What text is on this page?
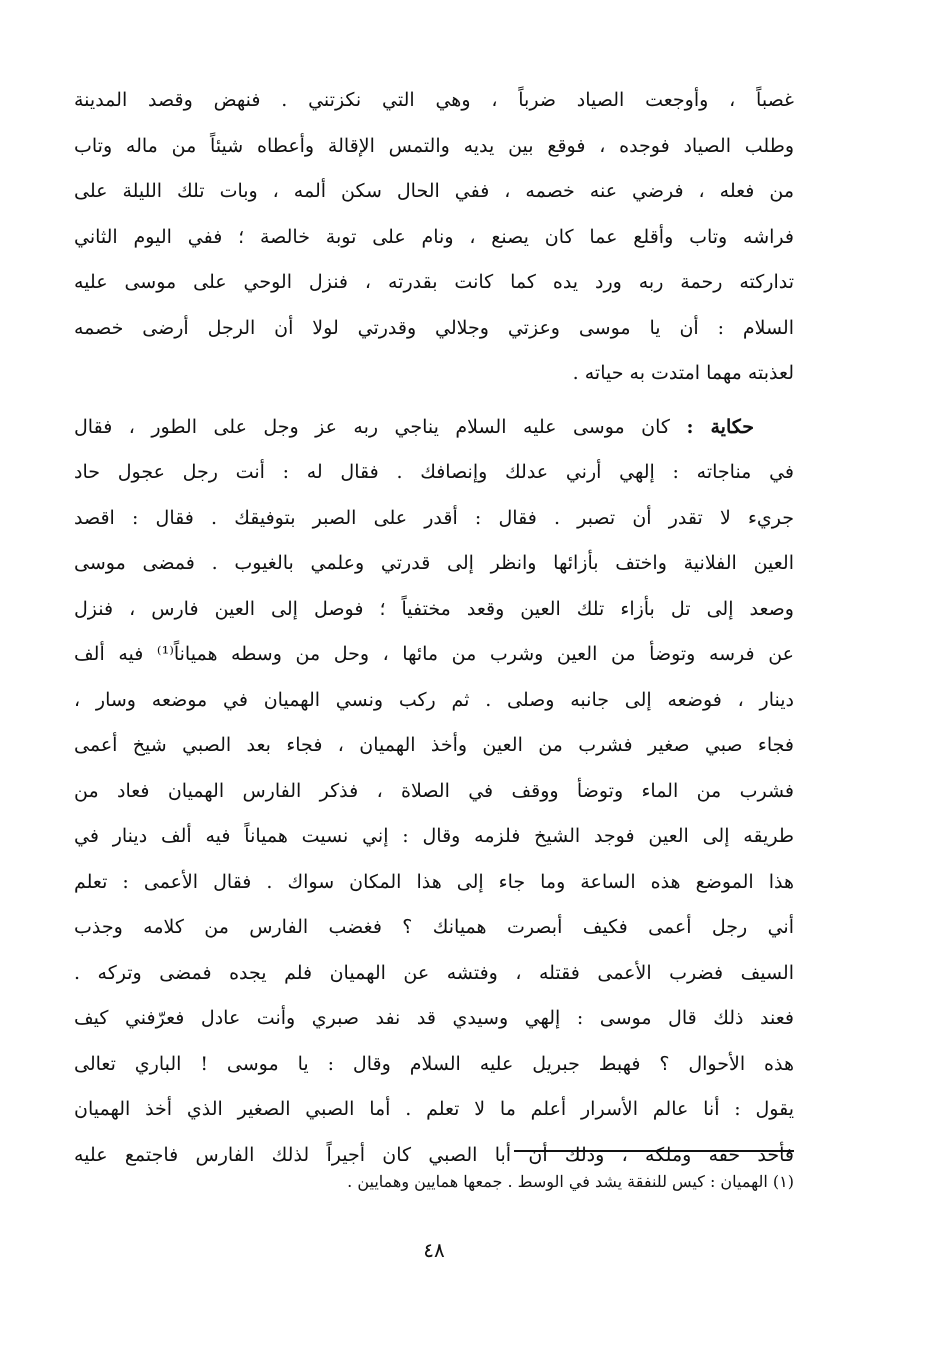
غصباً ، وأوجعت الصياد ضرباً ، وهي التي نكزتني . فنهض وقصد المدينة
وطلب الصياد فوجده ، فوقع بين يديه والتمس الإقالة وأعطاه شيئاً من ماله وتاب
من فعله ، فرضي عنه خصمه ، ففي الحال سكن ألمه ، وبات تلك الليلة على
فراشه وتاب وأقلع عما كان يصنع ، ونام على توبة خالصة ؛ ففي اليوم الثاني
تداركته رحمة ربه ورد يده كما كانت بقدرته ، فنزل الوحي على موسى عليه
السلام : أن يا موسى وعزتي وجلالي وقدرتي لولا أن الرجل أرضى خصمه
لعذبته مهما امتدت به حياته .

حكاية : كان موسى عليه السلام يناجي ربه عز وجل على الطور ، فقال
في مناجاته : إلهي أرني عدلك وإنصافك . فقال له : أنت رجل عجول حاد
جريء لا تقدر أن تصبر . فقال : أقدر على الصبر بتوفيقك . فقال : اقصد
العين الفلانية واختف بأزائها وانظر إلى قدرتي وعلمي بالغيوب . فمضى موسى
وصعد إلى تل بأزاء تلك العين وقعد مختفياً ؛ فوصل إلى العين فارس ، فنزل
عن فرسه وتوضأ من العين وشرب من مائها ، وحل من وسطه همياناً⁽¹⁾ فيه ألف
دينار ، فوضعه إلى جانبه وصلى . ثم ركب ونسي الهميان في موضعه وسار ،
فجاء صبي صغير فشرب من العين وأخذ الهميان ، فجاء بعد الصبي شيخ أعمى
فشرب من الماء وتوضأ ووقف في الصلاة ، فذكر الفارس الهميان فعاد من
طريقه إلى العين فوجد الشيخ فلزمه وقال : إني نسيت همياناً فيه ألف دينار في
هذا الموضع هذه الساعة وما جاء إلى هذا المكان سواك . فقال الأعمى : تعلم
أني رجل أعمى فكيف أبصرت هميانك ؟ فغضب الفارس من كلامه وجذب
السيف فضرب الأعمى فقتله ، وفتشه عن الهميان فلم يجده فمضى وتركه .
فعند ذلك قال موسى : إلهي وسيدي قد نفد صبري وأنت عادل فعرّفني كيف
هذه الأحوال ؟ فهبط جبريل عليه السلام وقال : يا موسى ! الباري تعالى
يقول : أنا عالم الأسرار أعلم ما لا تعلم . أما الصبي الصغير الذي أخذ الهميان
فأخذ حقه وملكه ، وذلك أن أبا الصبي كان أجيراً لذلك الفارس فاجتمع عليه

(١) الهميان : كيس للنفقة يشد في الوسط . جمعها همايين وهمايين .
٤٨
